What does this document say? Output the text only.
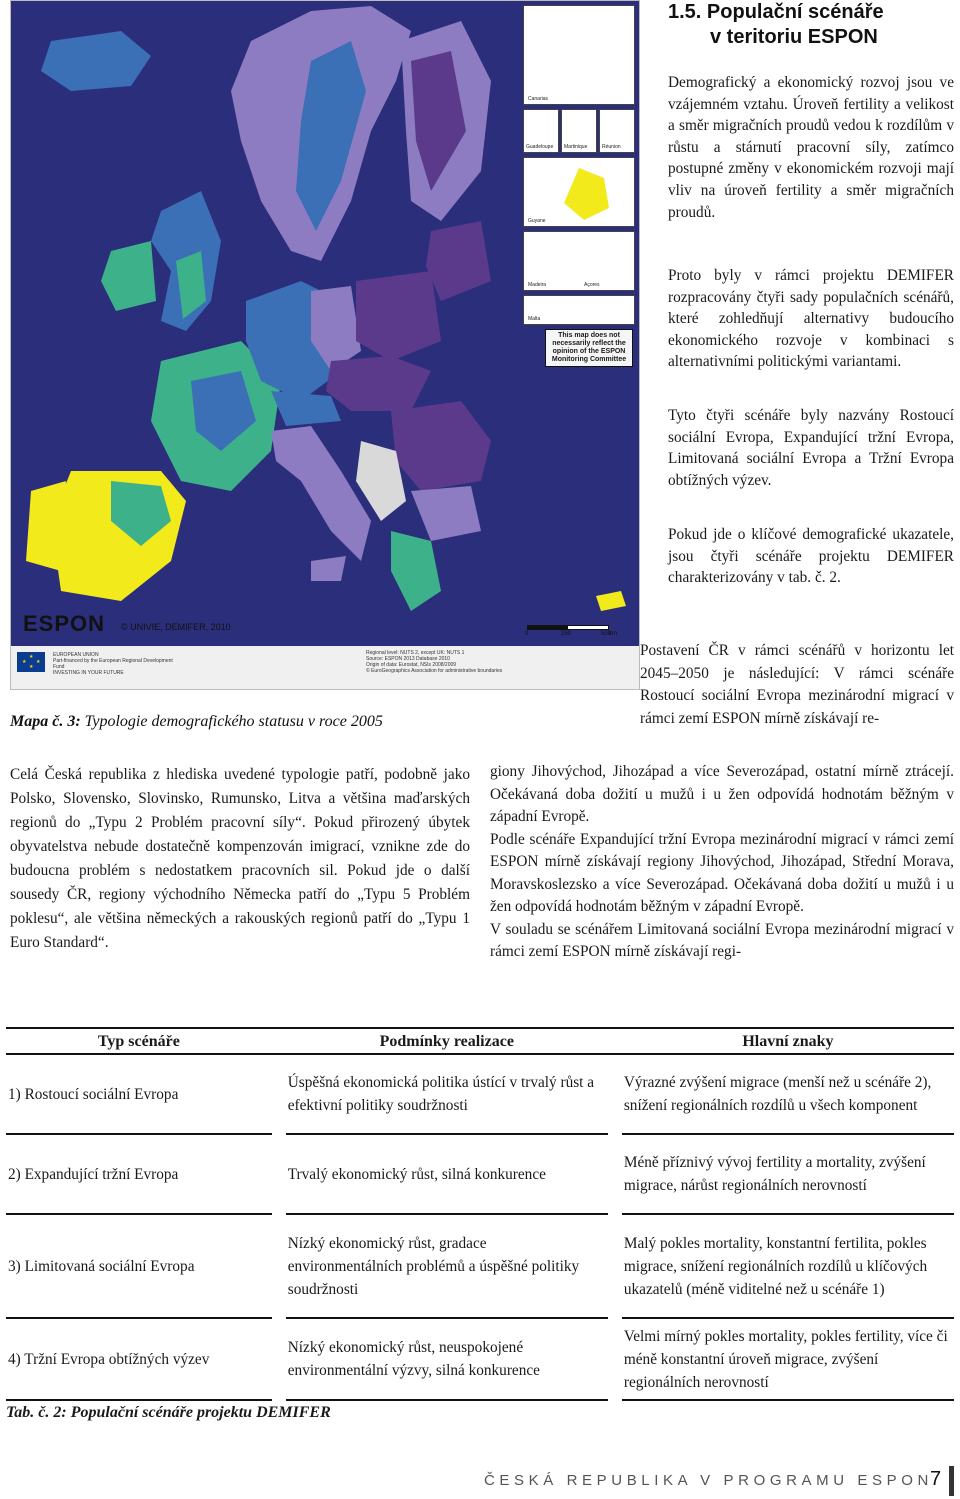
Canarias
Guadeloupe Martinique	Réunion
Guyane
Madeira	Açores
Malta
This map does not necessarily reflect the opinion of the ESPON Monitoring Committee
ESPON © UNIVIE, DEMIFER, 2010
0	250	500
km
★
★ ★
★
EUROPEAN UNION
Part-financed by the European Regional Development Fund
INVESTING IN YOUR FUTURE
Regional level: NUTS 2, except UK: NUTS 1
Source: ESPON 2013 Database 2010
Origin of data: Eurostat, NSIs 2008/2009
© EuroGeographics Association for administrative boundaries
1.5. Populační scénáře
v teritoriu ESPON
Demografický a ekonomický rozvoj jsou ve vzájemném vztahu. Úroveň fertility a velikost a směr migračních proudů vedou k rozdílům v růstu a stárnutí pracovní síly, zatímco postupné změny v ekonomickém rozvoji mají vliv na úroveň fertility a směr migračních proudů.
Proto byly v rámci projektu DEMIFER rozpracovány čtyři sady populačních scénářů, které zohledňují alternativy budoucího ekonomického rozvoje v kombinaci s alternativními politickými variantami.
Tyto čtyři scénáře byly nazvány Rostoucí sociální Evropa, Expandující tržní Evropa, Limitovaná sociální Evropa a Tržní Evropa obtížných výzev.
Pokud jde o klíčové demografické ukazatele, jsou čtyři scénáře projektu DEMIFER charakterizovány v tab. č. 2.
Postavení ČR v rámci scénářů v horizontu let 2045–2050 je následující: V rámci scénáře Rostoucí sociální Evropa mezinárodní migrací v rámci zemí ESPON mírně získávají re-
giony Jihovýchod, Jihozápad a více Severozápad, ostatní mírně ztrácejí. Očekávaná doba dožití u mužů i u žen odpovídá hodnotám běžným v západní Evropě.
Podle scénáře Expandující tržní Evropa mezinárodní migrací v rámci zemí ESPON mírně získávají regiony Jihovýchod, Jihozápad, Střední Morava, Moravskoslezsko a více Severozápad. Očekávaná doba dožití u mužů i u žen odpovídá hodnotám běžným v západní Evropě.
V souladu se scénářem Limitovaná sociální Evropa mezinárodní migrací v rámci zemí ESPON mírně získávají regi-
Mapa č. 3: Typologie demografického statusu v roce 2005
Celá Česká republika z hlediska uvedené typologie patří, podobně jako Polsko, Slovensko, Slovinsko, Rumunsko, Litva a většina maďarských regionů do „Typu 2 Problém pracovní síly“. Pokud přirozený úbytek obyvatelstva nebude dostatečně kompenzován imigrací, vznikne zde do budoucna problém s nedostatkem pracovních sil. Pokud jde o další sousedy ČR, regiony východního Německa patří do „Typu 5 Problém poklesu“, ale většina německých a rakouských regionů patří do „Typu 1 Euro Standard“.
Typ scénáře		Podmínky realizace		Hlavní znaky
1) Rostoucí sociální Evropa		Úspěšná ekonomická politika ústící v trvalý růst a efektivní politiky soudržnosti		Výrazné zvýšení migrace (menší než u scénáře 2), snížení regionálních rozdílů u všech komponent
2) Expandující tržní Evropa		Trvalý ekonomický růst, silná konkurence		Méně příznivý vývoj fertility a mortality, zvýšení migrace, nárůst regionálních nerovností
3) Limitovaná sociální Evropa		Nízký ekonomický růst, gradace environmentálních problémů a úspěšné politiky soudržnosti		Malý pokles mortality, konstantní fertilita, pokles migrace, snížení regionálních rozdílů u klíčových ukazatelů (méně viditelné než u scénáře 1)
4) Tržní Evropa obtížných výzev		Nízký ekonomický růst, neuspokojené environmentální výzvy, silná konkurence		Velmi mírný pokles mortality, pokles fertility, více či méně konstantní úroveň migrace, zvýšení regionálních nerovností
Tab. č. 2: Populační scénáře projektu DEMIFER
ČESKÁ REPUBLIKA V PROGRAMU ESPON
7
